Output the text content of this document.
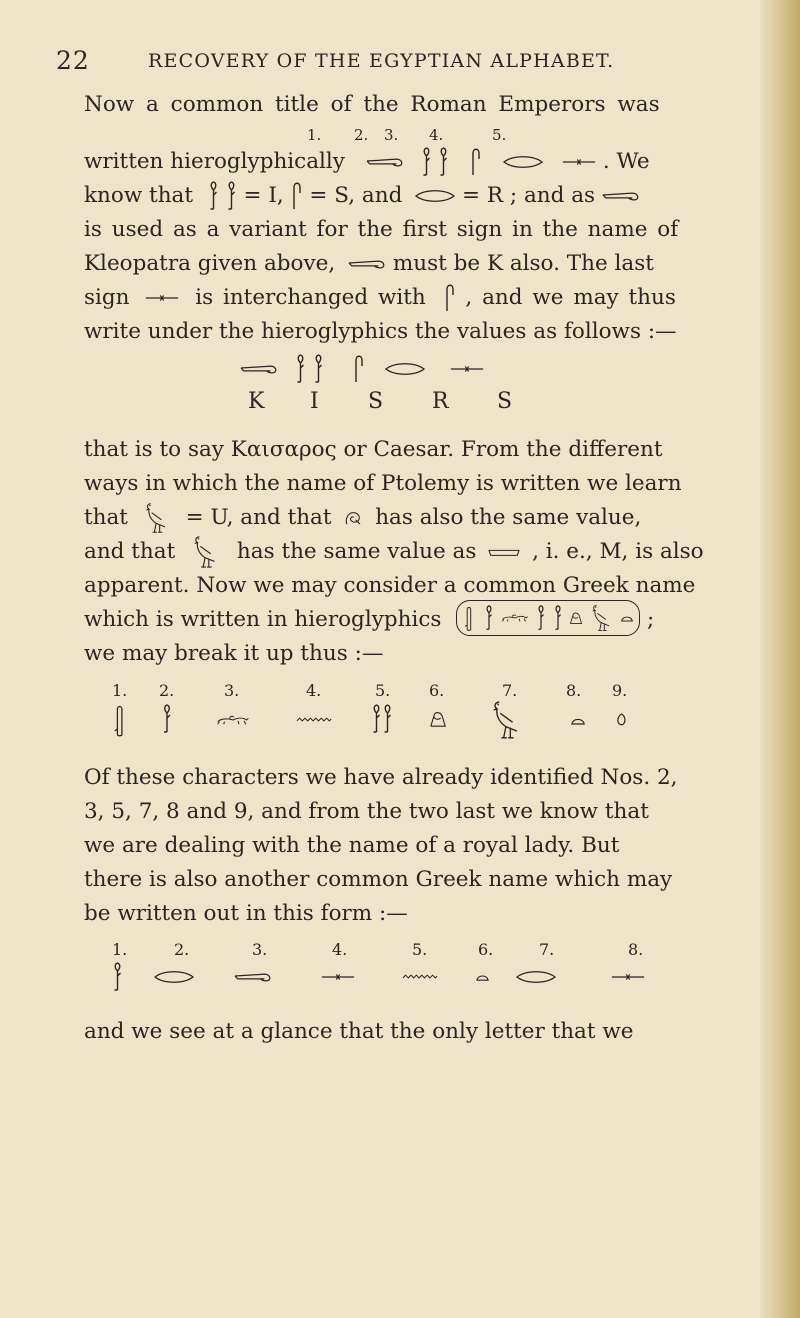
22	RECOVERY OF THE EGYPTIAN ALPHABET.
Now a common title of the Roman Emperors was
1. 2. 3. 4.	5.
written hieroglyphically	. We
know that = I, = S, and	= R ; and as
is used as a variant for the first sign in the name of
Kleopatra given above,	must be K also. The last
sign	is interchanged with , and we may thus
write under the hieroglyphics the values as follows :—

K I S R S
that is to say Καισαρος or Caesar. From the different
ways in which the name of Ptolemy is written we learn
that	= U, and that has also the same value,
and that	has the same value as	, i. e., M, is also
apparent. Now we may consider a common Greek name
which is written in hieroglyphics	;
we may break it up thus :—
1. 2.	3.	4.	5. 6.	7.	8. 9.
Of these characters we have already identified Nos. 2,
3, 5, 7, 8 and 9, and from the two last we know that
we are dealing with the name of a royal lady. But
there is also another common Greek name which may
be written out in this form :—
1.	2.	3.	4.	5.	6.	7.	8.
and we see at a glance that the only letter that we
